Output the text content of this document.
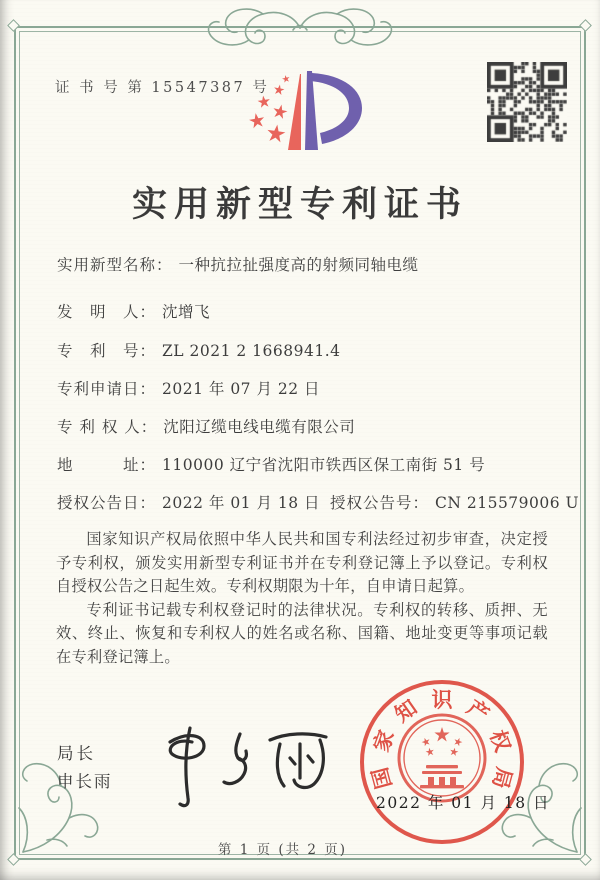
证 书 号 第 15547387 号
实用新型专利证书
实用新型名称： 一种抗拉扯强度高的射频同轴电缆
发　明　人： 沈增飞
专　利　号： ZL 2021 2 1668941.4
专利申请日： 2021 年 07 月 22 日
专 利 权 人： 沈阳辽缆电线电缆有限公司
地　　　址： 110000 辽宁省沈阳市铁西区保工南街 51 号
授权公告日： 2022 年 01 月 18 日 授权公告号： CN 215579006 U

国家知识产权局依照中华人民共和国专利法经过初步审查，决定授予专利权，颁发实用新型专利证书并在专利登记簿上予以登记。专利权自授权公告之日起生效。专利权期限为十年，自申请日起算。

专利证书记载专利权登记时的法律状况。专利权的转移、质押、无效、终止、恢复和专利权人的姓名或名称、国籍、地址变更等事项记载在专利登记簿上。

局长
申长雨	国
家
知 识 产
权
局
2022 年 01 月 18 日
第 1 页 (共 2 页)
